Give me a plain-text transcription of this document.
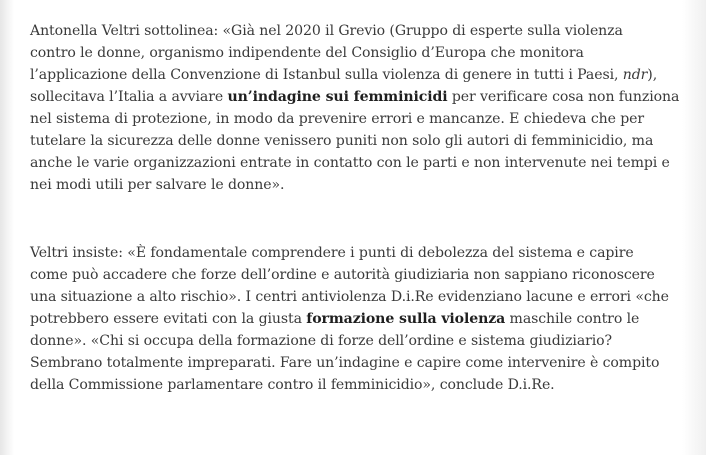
Antonella Veltri sottolinea: «Già nel 2020 il Grevio (Gruppo di esperte sulla violenza
contro le donne, organismo indipendente del Consiglio d’Europa che monitora
l’applicazione della Convenzione di Istanbul sulla violenza di genere in tutti i Paesi, ndr),
sollecitava l’Italia a avviare un’indagine sui femminicidi per verificare cosa non funziona
nel sistema di protezione, in modo da prevenire errori e mancanze. E chiedeva che per
tutelare la sicurezza delle donne venissero puniti non solo gli autori di femminicidio, ma
anche le varie organizzazioni entrate in contatto con le parti e non intervenute nei tempi e
nei modi utili per salvare le donne».

Veltri insiste: «È fondamentale comprendere i punti di debolezza del sistema e capire
come può accadere che forze dell’ordine e autorità giudiziaria non sappiano riconoscere
una situazione a alto rischio». I centri antiviolenza D.i.Re evidenziano lacune e errori «che
potrebbero essere evitati con la giusta formazione sulla violenza maschile contro le
donne». «Chi si occupa della formazione di forze dell’ordine e sistema giudiziario?
Sembrano totalmente impreparati. Fare un’indagine e capire come intervenire è compito
della Commissione parlamentare contro il femminicidio», conclude D.i.Re.
